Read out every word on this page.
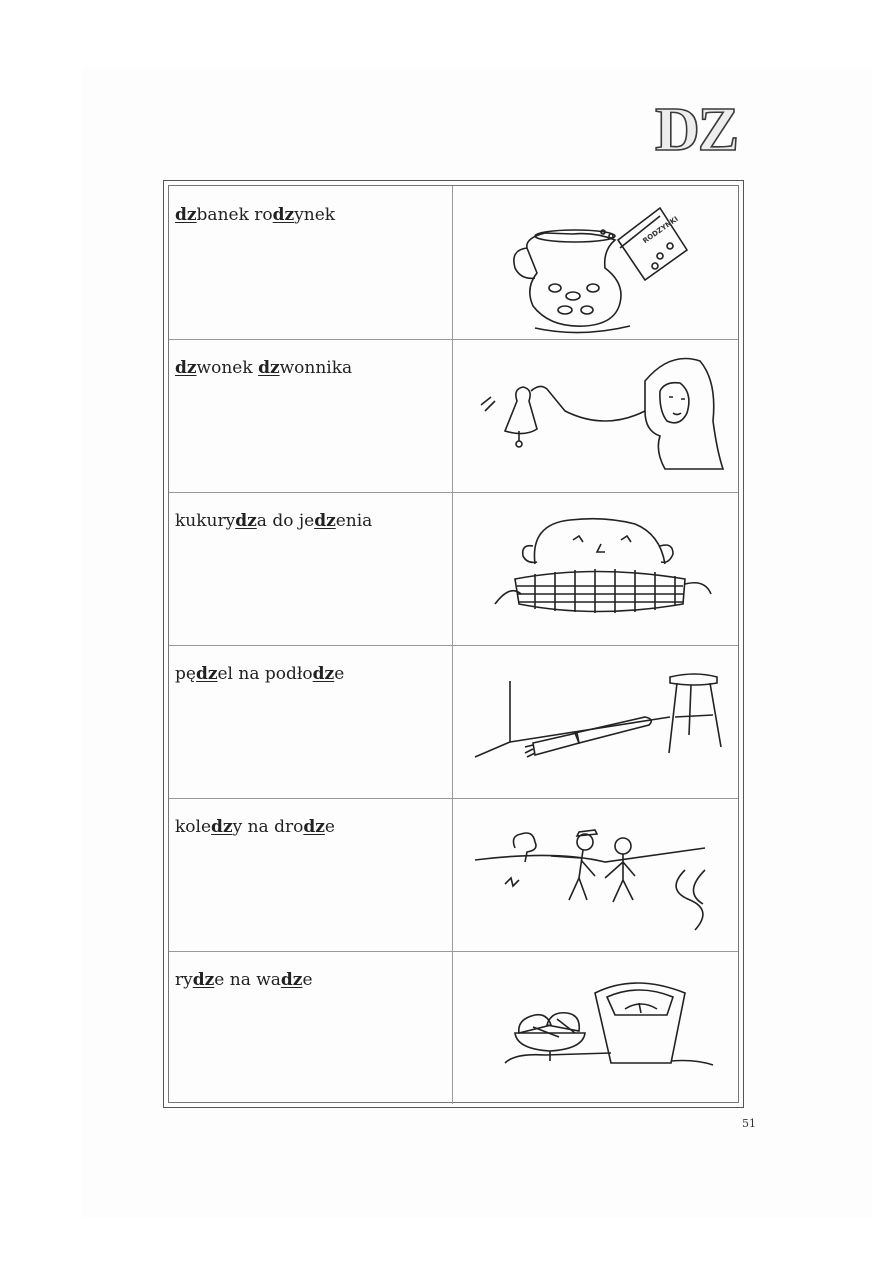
DZ
dzbanek rodzynek	RODZYNKI
dzwonek dzwonnika
kukurydza do jedzenia
pędzel na podłodze
koledzy na drodze
rydze na wadze
51
